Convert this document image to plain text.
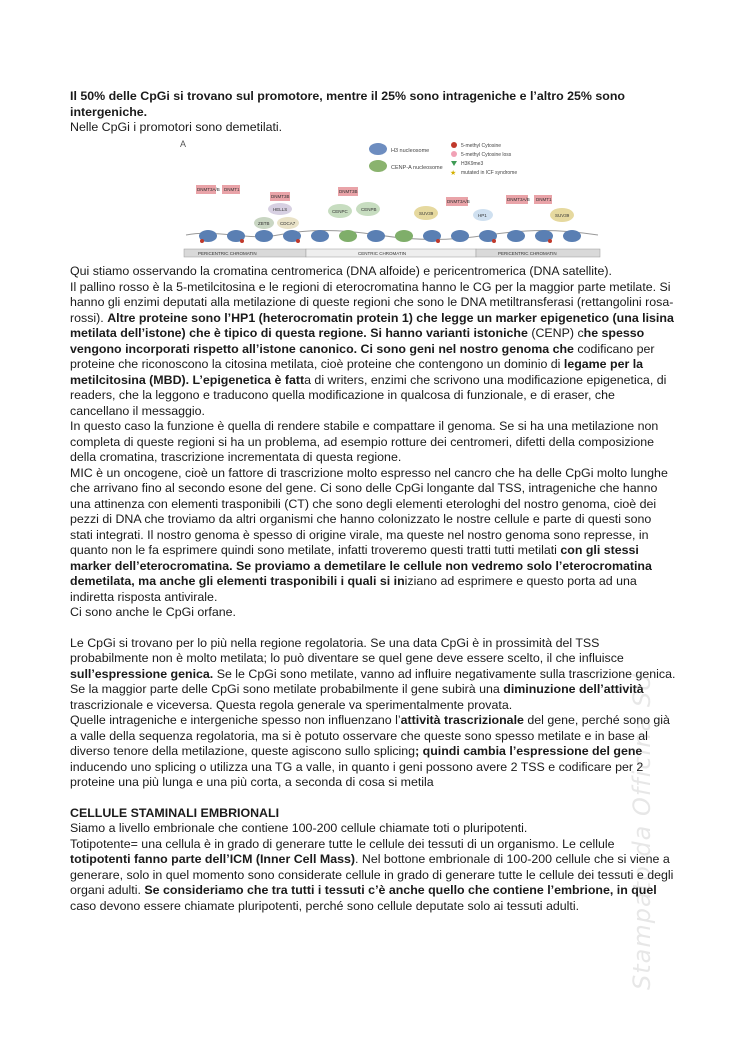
Il 50% delle CpGi si trovano sul promotore, mentre il 25% sono intrageniche e l’altro 25% sono intergeniche.

Nelle CpGi i promotori sono demetilati.

A
H3 nucleosome
CENP-A nucleosome
5-methyl Cytosine
5-methyl Cytosine loss
H3K9me3
★ mutated in ICF syndrome
DNMT3A/B DNMT1
DNMT3B
HELLS
ZBTB CDCA7
DNMT3B
CENPB
CENPC
DNMT3A/B
SUV39	HP1
DNMT3A/B DNMT1
SUV39
PERICENTRIC CHROMATIN	CENTRIC CHROMATIN	PERICENTRIC CHROMATIN

Qui stiamo osservando la cromatina centromerica (DNA alfoide) e pericentromerica (DNA satellite).
Il pallino rosso è la 5-metilcitosina e le regioni di eterocromatina hanno le CG per la maggior parte metilate. Si hanno gli enzimi deputati alla metilazione di queste regioni che sono le DNA metiltransferasi (rettangolini rosa-rossi). Altre proteine sono l’HP1 (heterocromatin protein 1) che legge un marker epigenetico (una lisina metilata dell’istone) che è tipico di questa regione. Si hanno varianti istoniche (CENP) che spesso vengono incorporati rispetto all’istone canonico. Ci sono geni nel nostro genoma che codificano per proteine che riconoscono la citosina metilata, cioè proteine che contengono un dominio di legame per la metilcitosina (MBD). L’epigenetica è fatta di writers, enzimi che scrivono una modificazione epigenetica, di readers, che la leggono e traducono quella modificazione in qualcosa di funzionale, e di eraser, che cancellano il messaggio.

In questo caso la funzione è quella di rendere stabile e compattare il genoma. Se si ha una metilazione non completa di queste regioni si ha un problema, ad esempio rotture dei centromeri, difetti della composizione della cromatina, trascrizione incrementata di questa regione.

MIC è un oncogene, cioè un fattore di trascrizione molto espresso nel cancro che ha delle CpGi molto lunghe che arrivano fino al secondo esone del gene. Ci sono delle CpGi longante dal TSS, intrageniche che hanno una attinenza con elementi trasponibili (CT) che sono degli elementi eterologhi del nostro genoma, cioè dei pezzi di DNA che troviamo da altri organismi che hanno colonizzato le nostre cellule e parte di questi sono stati integrati. Il nostro genoma è spesso di origine virale, ma queste nel nostro genoma sono represse, in quanto non le fa esprimere quindi sono metilate, infatti troveremo questi tratti tutti metilati con gli stessi marker dell’eterocromatina. Se proviamo a demetilare le cellule non vedremo solo l’eterocromatina demetilata, ma anche gli elementi trasponibili i quali si iniziano ad esprimere e questo porta ad una indiretta risposta antivirale.

Ci sono anche le CpGi orfane.

Le CpGi si trovano per lo più nella regione regolatoria. Se una data CpGi è in prossimità del TSS probabilmente non è molto metilata; lo può diventare se quel gene deve essere scelto, il che influisce sull’espressione genica. Se le CpGi sono metilate, vanno ad influire negativamente sulla trascrizione genica. Se la maggior parte delle CpGi sono metilate probabilmente il gene subirà una diminuzione dell’attività trascrizionale e viceversa. Questa regola generale va sperimentalmente provata.

Quelle intrageniche e intergeniche spesso non influenzano l’attività trascrizionale del gene, perché sono già a valle della sequenza regolatoria, ma si è potuto osservare che queste sono spesso metilate e in base al diverso tenore della metilazione, queste agiscono sullo splicing; quindi cambia l’espressione del gene inducendo uno splicing o utilizza una TG a valle, in quanto i geni possono avere 2 TSS e codificare per 2 proteine una più lunga e una più corta, a seconda di cosa si metila

CELLULE STAMINALI EMBRIONALI

Siamo a livello embrionale che contiene 100-200 cellule chiamate toti o pluripotenti.

Totipotente= una cellula è in grado di generare tutte le cellule dei tessuti di un organismo. Le cellule totipotenti fanno parte dell’ICM (Inner Cell Mass). Nel bottone embrionale di 100-200 cellule che si viene a generare, solo in quel momento sono considerate cellule in grado di generare tutte le cellule dei tessuti e degli organi adulti. Se consideriamo che tra tutti i tessuti c’è anche quello che contiene l’embrione, in quel caso devono essere chiamate pluripotenti, perché sono cellule deputate solo ai tessuti adulti.	Stampato da Officina SU
